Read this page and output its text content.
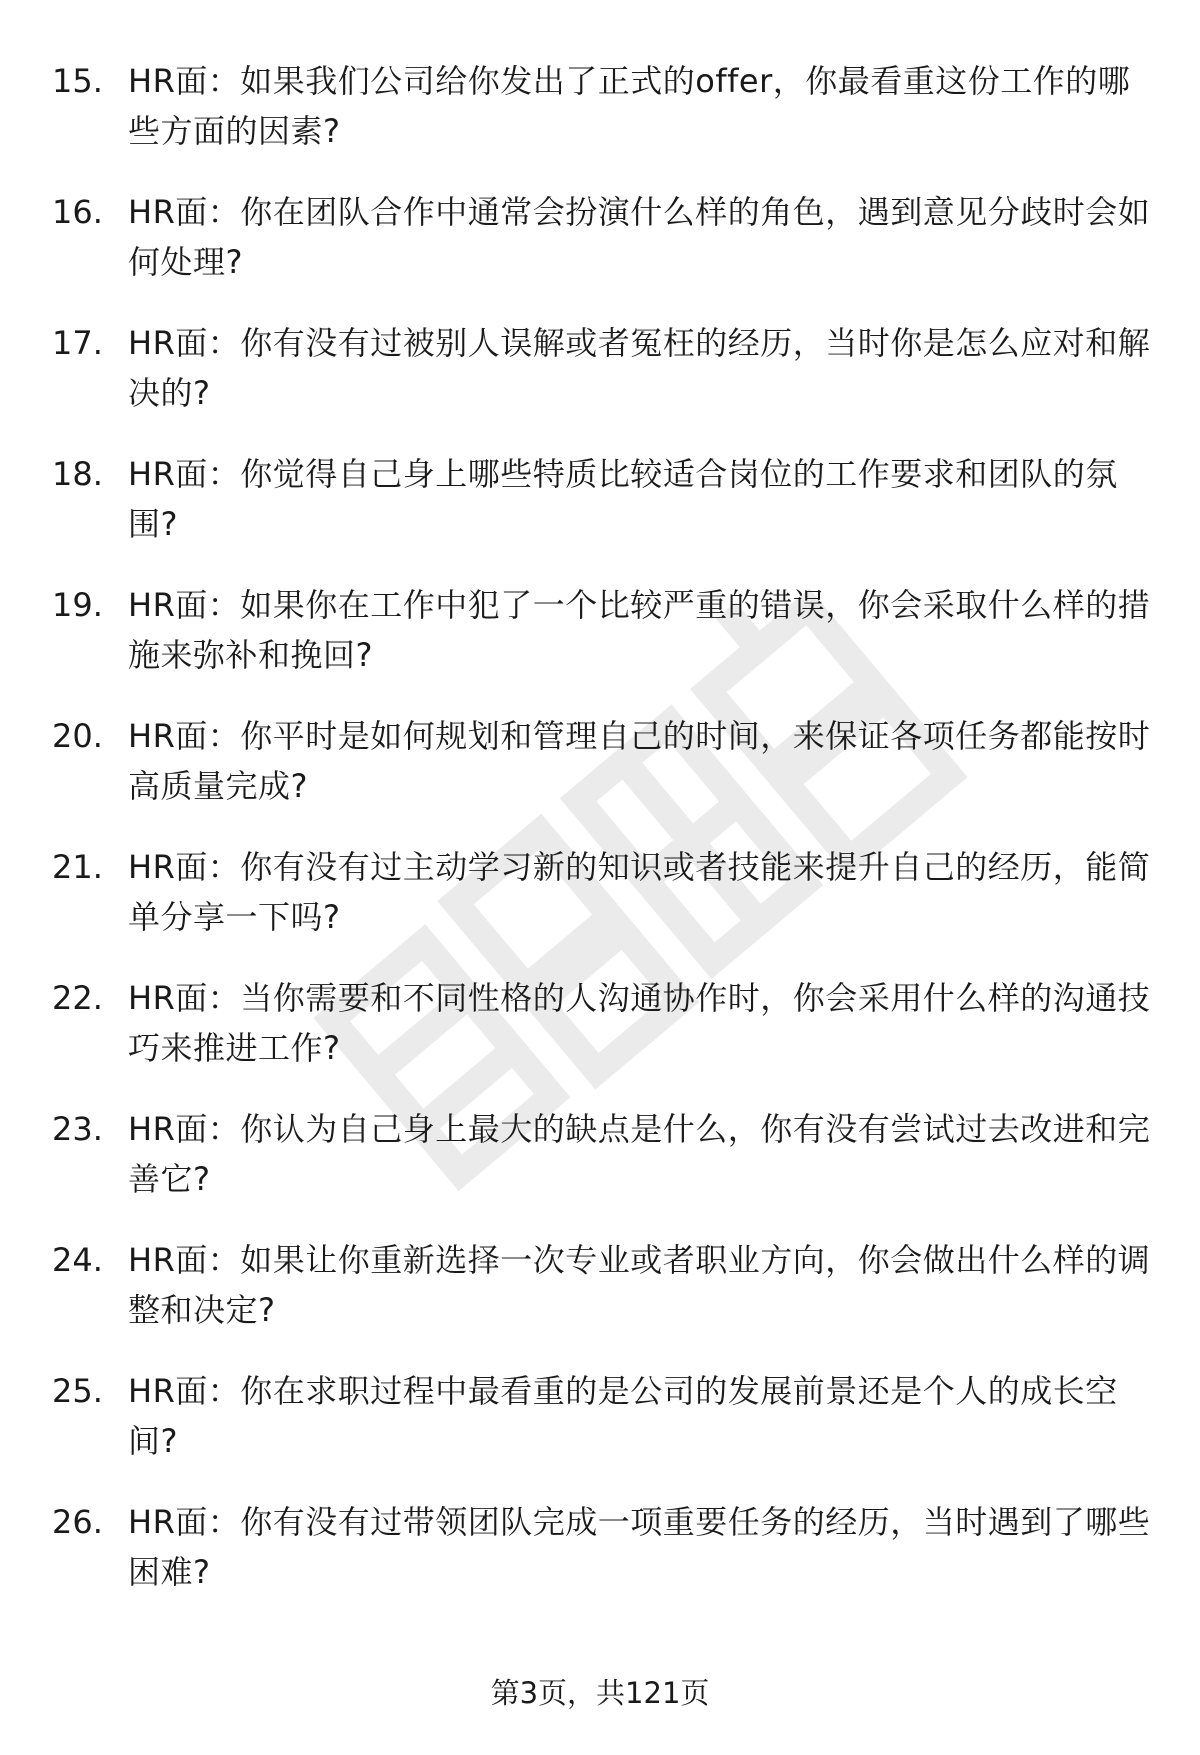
15. HR面：如果我们公司给你发出了正式的offer，你最看重这份工作的哪些方面的因素?
16. HR面：你在团队合作中通常会扮演什么样的角色，遇到意见分歧时会如何处理?
17. HR面：你有没有过被别人误解或者冤枉的经历，当时你是怎么应对和解决的?
18. HR面：你觉得自己身上哪些特质比较适合岗位的工作要求和团队的氛围?
19. HR面：如果你在工作中犯了一个比较严重的错误，你会采取什么样的措施来弥补和挽回?
20. HR面：你平时是如何规划和管理自己的时间，来保证各项任务都能按时高质量完成?
21. HR面：你有没有过主动学习新的知识或者技能来提升自己的经历，能简单分享一下吗?
22. HR面：当你需要和不同性格的人沟通协作时，你会采用什么样的沟通技巧来推进工作?
23. HR面：你认为自己身上最大的缺点是什么，你有没有尝试过去改进和完善它?
24. HR面：如果让你重新选择一次专业或者职业方向，你会做出什么样的调整和决定?
25. HR面：你在求职过程中最看重的是公司的发展前景还是个人的成长空间?
26. HR面：你有没有过带领团队完成一项重要任务的经历，当时遇到了哪些困难?
第3页，共121页
